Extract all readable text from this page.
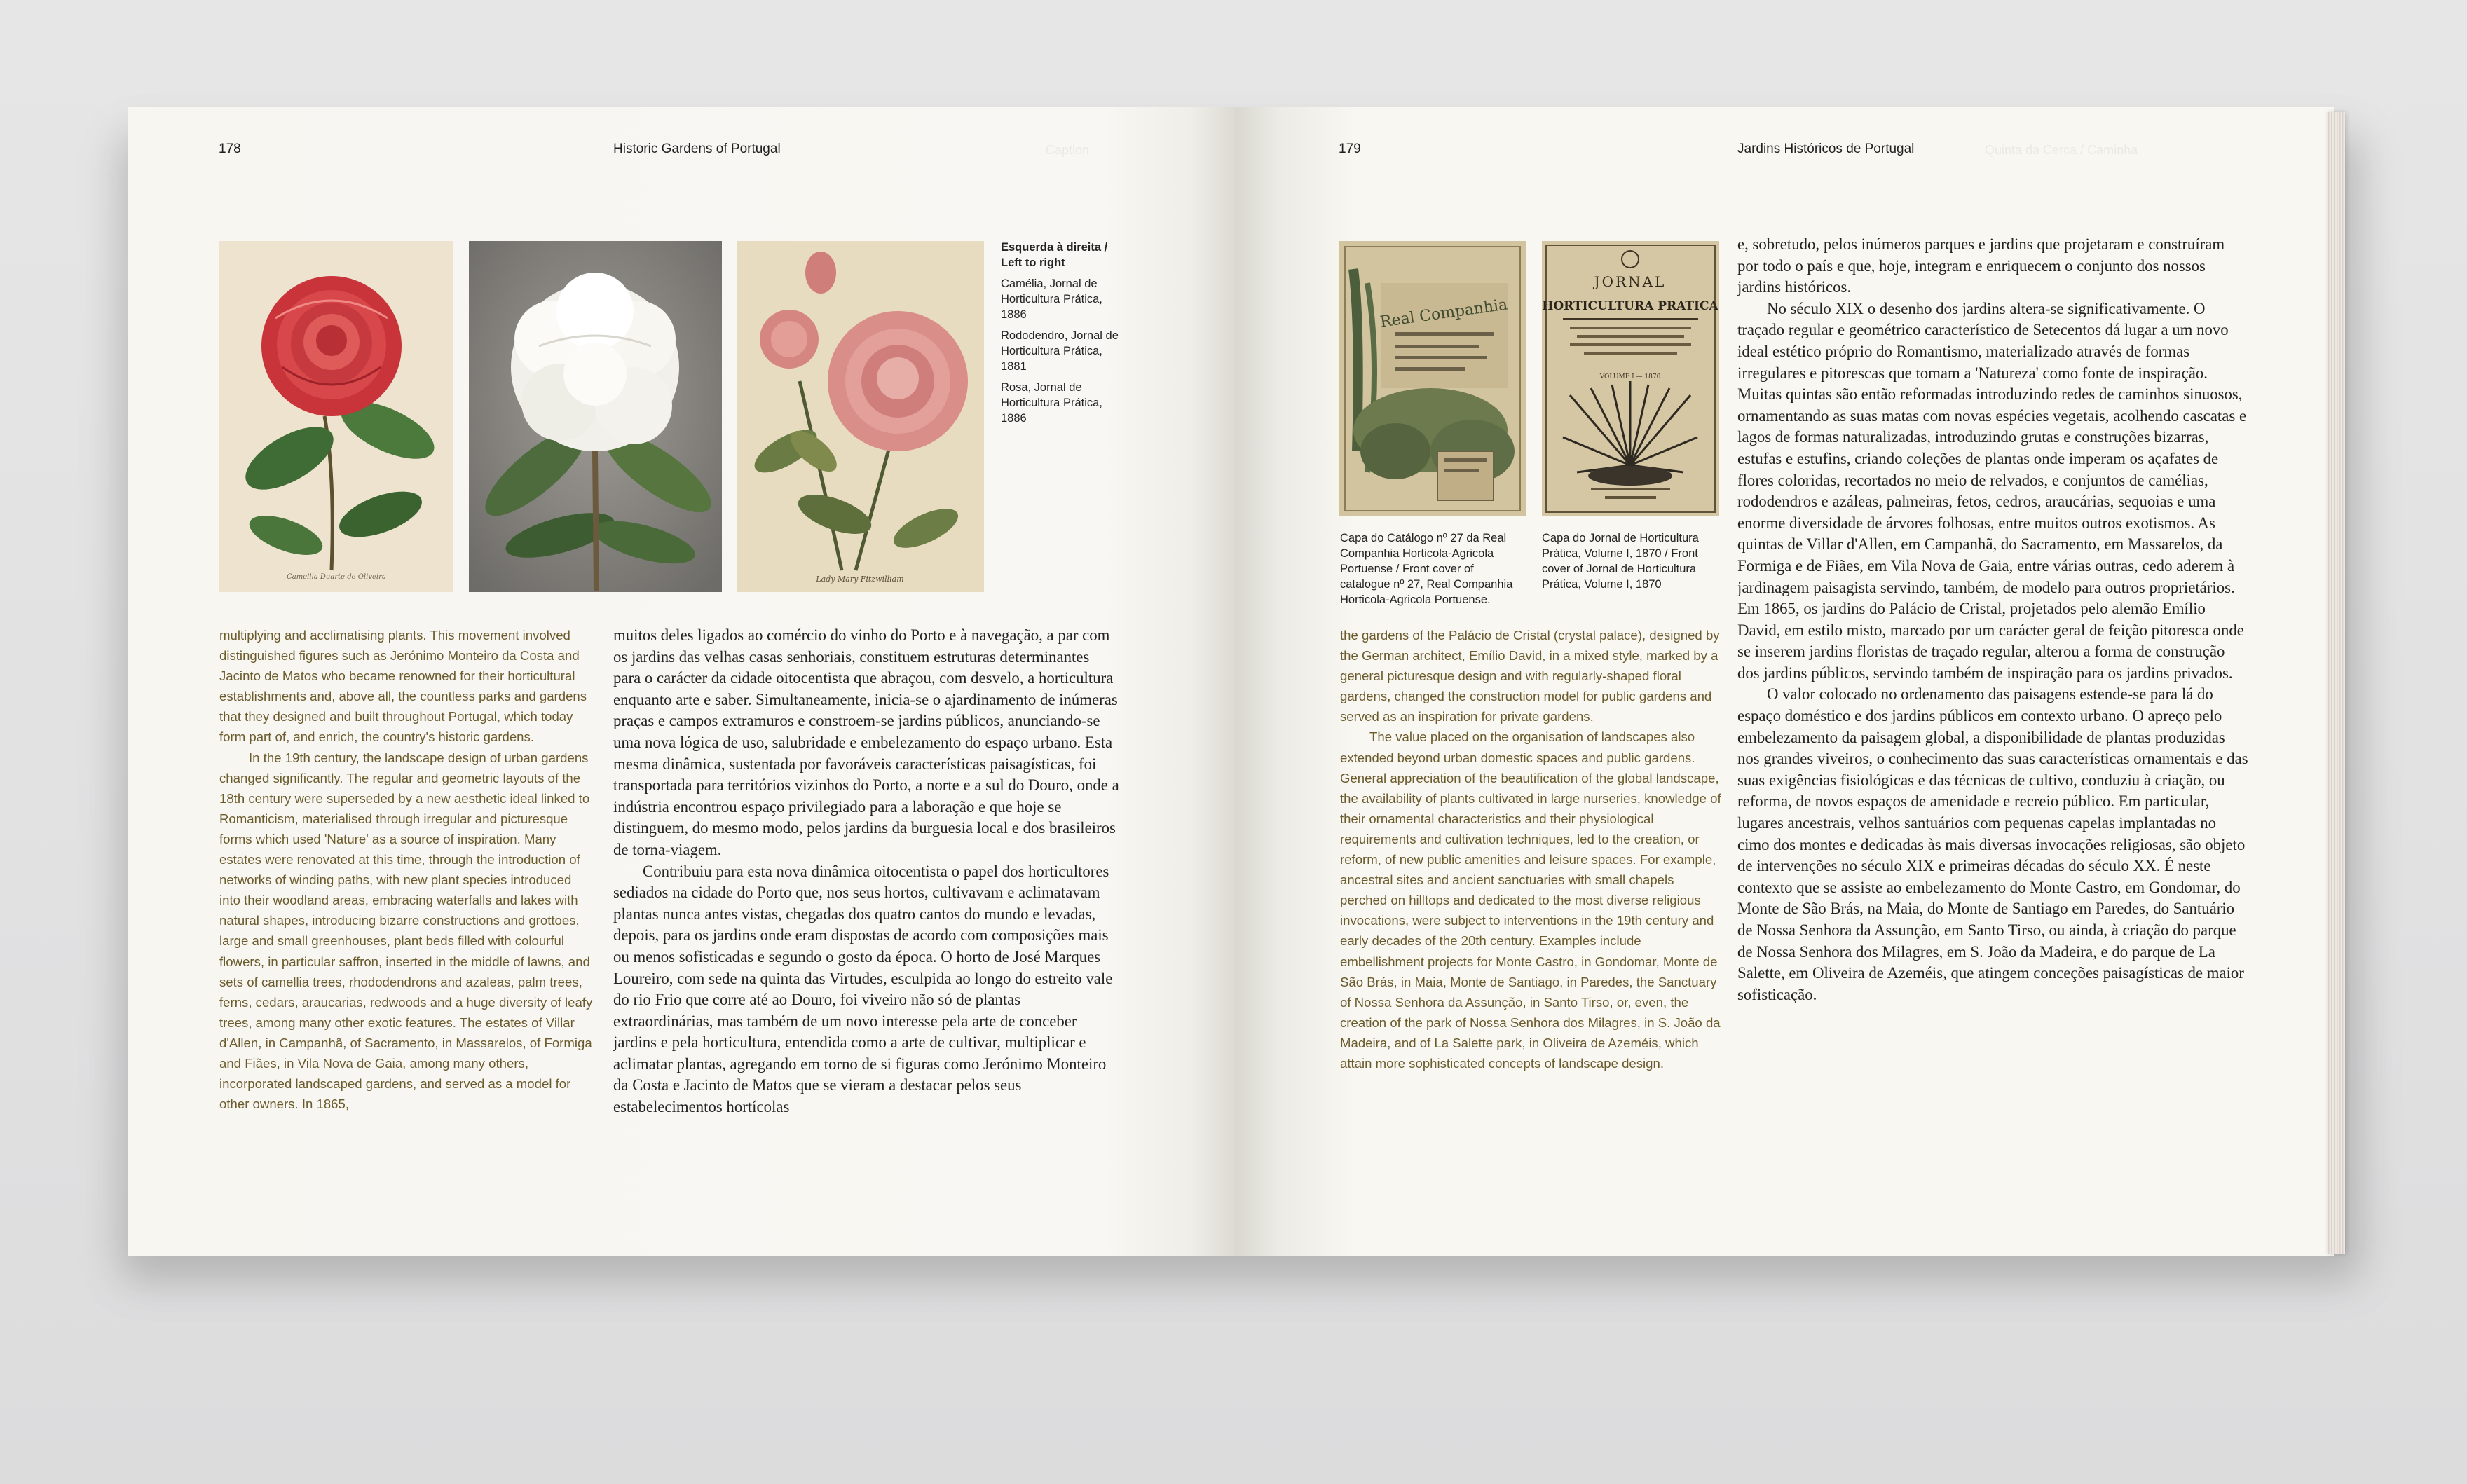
178	Historic Gardens of Portugal	Caption
Camellia Duarte de Oliveira	Lady Mary Fitzwilliam

Esquerda à direita / Left to right

Camélia, Jornal de Horticultura Prática, 1886

Rododendro, Jornal de Horticultura Prática, 1881

Rosa, Jornal de Horticultura Prática, 1886

multiplying and acclimatising plants. This movement involved distinguished figures such as Jerónimo Monteiro da Costa and Jacinto de Matos who became renowned for their horticultural establishments and, above all, the countless parks and gardens that they designed and built throughout Portugal, which today form part of, and enrich, the country's historic gardens.

In the 19th century, the landscape design of urban gardens changed significantly. The regular and geometric layouts of the 18th century were superseded by a new aesthetic ideal linked to Romanticism, materialised through irregular and picturesque forms which used 'Nature' as a source of inspiration. Many estates were renovated at this time, through the introduction of networks of winding paths, with new plant species introduced into their woodland areas, embracing waterfalls and lakes with natural shapes, introducing bizarre constructions and grottoes, large and small greenhouses, plant beds filled with colourful flowers, in particular saffron, inserted in the middle of lawns, and sets of camellia trees, rhododendrons and azaleas, palm trees, ferns, cedars, araucarias, redwoods and a huge diversity of leafy trees, among many other exotic features. The estates of Villar d'Allen, in Campanhã, of Sacramento, in Massarelos, of Formiga and Fiães, in Vila Nova de Gaia, among many others, incorporated landscaped gardens, and served as a model for other owners. In 1865,

muitos deles ligados ao comércio do vinho do Porto e à navegação, a par com os jardins das velhas casas senhoriais, constituem estruturas determinantes para o carácter da cidade oitocentista que abraçou, com desvelo, a horticultura enquanto arte e saber. Simultaneamente, inicia-se o ajardinamento de inúmeras praças e campos extramuros e constroem-se jardins públicos, anunciando-se uma nova lógica de uso, salubridade e embelezamento do espaço urbano. Esta mesma dinâmica, sustentada por favoráveis características paisagísticas, foi transportada para territórios vizinhos do Porto, a norte e a sul do Douro, onde a indústria encontrou espaço privilegiado para a laboração e que hoje se distinguem, do mesmo modo, pelos jardins da burguesia local e dos brasileiros de torna-viagem.

Contribuiu para esta nova dinâmica oitocentista o papel dos horticultores sediados na cidade do Porto que, nos seus hortos, cultivavam e aclimatavam plantas nunca antes vistas, chegadas dos quatro cantos do mundo e levadas, depois, para os jardins onde eram dispostas de acordo com composições mais ou menos sofisticadas e segundo o gosto da época. O horto de José Marques Loureiro, com sede na quinta das Virtudes, esculpida ao longo do estreito vale do rio Frio que corre até ao Douro, foi viveiro não só de plantas extraordinárias, mas também de um novo interesse pela arte de conceber jardins e pela horticultura, entendida como a arte de cultivar, multiplicar e aclimatar plantas, agregando em torno de si figuras como Jerónimo Monteiro da Costa e Jacinto de Matos que se vieram a destacar pelos seus estabelecimentos hortícolas

179	Jardins Históricos de Portugal	Quinta da Cerca / Caminha
Real Companhia
JORNAL
HORTICULTURA PRATICA
VOLUME I — 1870
Capa do Catálogo nº 27 da Real Companhia Horticola-Agricola Portuense / Front cover of catalogue nº 27, Real Companhia Horticola-Agricola Portuense.
Capa do Jornal de Horticultura Prática, Volume I, 1870 / Front cover of Jornal de Horticultura Prática, Volume I, 1870

the gardens of the Palácio de Cristal (crystal palace), designed by the German architect, Emílio David, in a mixed style, marked by a general picturesque design and with regularly-shaped floral gardens, changed the construction model for public gardens and served as an inspiration for private gardens.

The value placed on the organisation of landscapes also extended beyond urban domestic spaces and public gardens. General appreciation of the beautification of the global landscape, the availability of plants cultivated in large nurseries, knowledge of their ornamental characteristics and their physiological requirements and cultivation techniques, led to the creation, or reform, of new public amenities and leisure spaces. For example, ancestral sites and ancient sanctuaries with small chapels perched on hilltops and dedicated to the most diverse religious invocations, were subject to interventions in the 19th century and early decades of the 20th century. Examples include embellishment projects for Monte Castro, in Gondomar, Monte de São Brás, in Maia, Monte de Santiago, in Paredes, the Sanctuary of Nossa Senhora da Assunção, in Santo Tirso, or, even, the creation of the park of Nossa Senhora dos Milagres, in S. João da Madeira, and of La Salette park, in Oliveira de Azeméis, which attain more sophisticated concepts of landscape design.

e, sobretudo, pelos inúmeros parques e jardins que projetaram e construíram por todo o país e que, hoje, integram e enriquecem o conjunto dos nossos jardins históricos.

No século XIX o desenho dos jardins altera-se significativamente. O traçado regular e geométrico característico de Setecentos dá lugar a um novo ideal estético próprio do Romantismo, materializado através de formas irregulares e pitorescas que tomam a 'Natureza' como fonte de inspiração. Muitas quintas são então reformadas introduzindo redes de caminhos sinuosos, ornamentando as suas matas com novas espécies vegetais, acolhendo cascatas e lagos de formas naturalizadas, introduzindo grutas e construções bizarras, estufas e estufins, criando coleções de plantas onde imperam os açafates de flores coloridas, recortados no meio de relvados, e conjuntos de camélias, rododendros e azáleas, palmeiras, fetos, cedros, araucárias, sequoias e uma enorme diversidade de árvores folhosas, entre muitos outros exotismos. As quintas de Villar d'Allen, em Campanhã, do Sacramento, em Massarelos, da Formiga e de Fiães, em Vila Nova de Gaia, entre várias outras, cedo aderem à jardinagem paisagista servindo, também, de modelo para outros proprietários. Em 1865, os jardins do Palácio de Cristal, projetados pelo alemão Emílio David, em estilo misto, marcado por um carácter geral de feição pitoresca onde se inserem jardins floristas de traçado regular, alterou a forma de construção dos jardins públicos, servindo também de inspiração para os jardins privados.

O valor colocado no ordenamento das paisagens estende-se para lá do espaço doméstico e dos jardins públicos em contexto urbano. O apreço pelo embelezamento da paisagem global, a disponibilidade de plantas produzidas nos grandes viveiros, o conhecimento das suas características ornamentais e das suas exigências fisiológicas e das técnicas de cultivo, conduziu à criação, ou reforma, de novos espaços de amenidade e recreio público. Em particular, lugares ancestrais, velhos santuários com pequenas capelas implantadas no cimo dos montes e dedicadas às mais diversas invocações religiosas, são objeto de intervenções no século XIX e primeiras décadas do século XX. É neste contexto que se assiste ao embelezamento do Monte Castro, em Gondomar, do Monte de São Brás, na Maia, do Monte de Santiago em Paredes, do Santuário de Nossa Senhora da Assunção, em Santo Tirso, ou ainda, à criação do parque de Nossa Senhora dos Milagres, em S. João da Madeira, e do parque de La Salette, em Oliveira de Azeméis, que atingem conceções paisagísticas de maior sofisticação.
